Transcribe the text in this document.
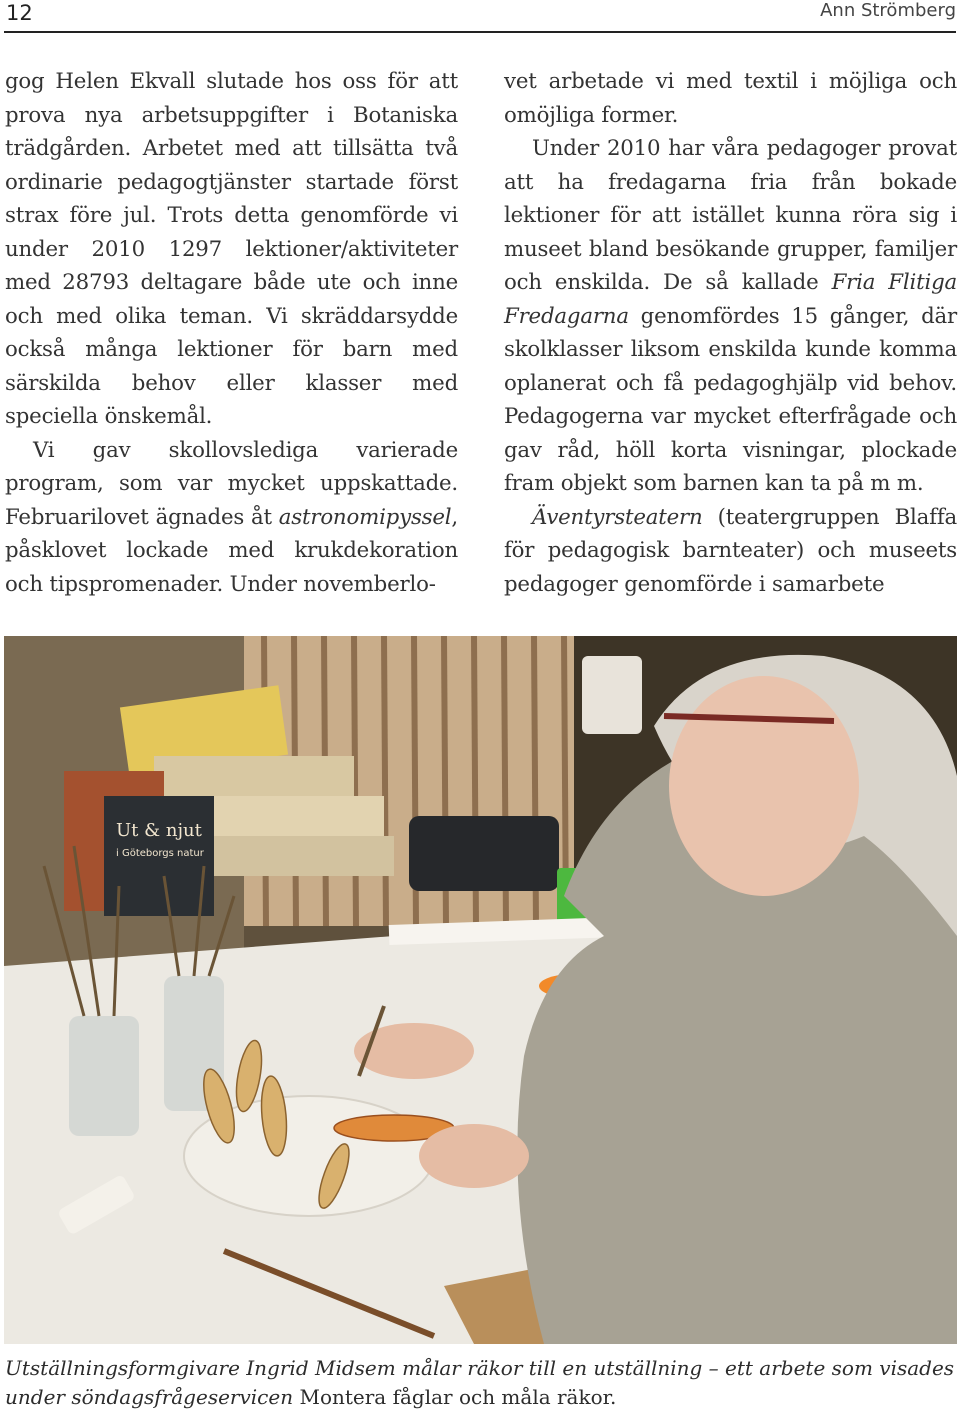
12	Ann Strömberg

gog Helen Ekvall slutade hos oss för att prova nya arbetsuppgifter i Botaniska trädgården. Arbetet med att tillsätta två ordinarie pedagogtjänster startade först strax före jul. Trots detta genomförde vi under 2010 1297 lektioner/aktiviteter med 28793 deltagare både ute och inne och med olika teman. Vi skräddarsydde också många lektioner för barn med särskilda behov eller klasser med speciella önskemål.

Vi gav skollovslediga varierade program, som var mycket uppskattade. Februarilovet ägnades åt astronomipyssel, påsklovet lockade med krukdekoration och tipspromenader. Under novemberlo-

vet arbetade vi med textil i möjliga och omöjliga former.

Under 2010 har våra pedagoger provat att ha fredagarna fria från bokade lektioner för att istället kunna röra sig i museet bland besökande grupper, familjer och enskilda. De så kallade Fria Flitiga Fredagarna genomfördes 15 gånger, där skolklasser liksom enskilda kunde komma oplanerat och få pedagoghjälp vid behov. Pedagogerna var mycket efterfrågade och gav råd, höll korta visningar, plockade fram objekt som barnen kan ta på m m.

Äventyrsteatern (teatergruppen Blaffa för pedagogisk barnteater) och museets pedagoger genomförde i samarbete

Ut & njut
i Göteborgs natur
Utställningsformgivare Ingrid Midsem målar räkor till en utställning – ett arbete som visades under söndagsfrågeservicen Montera fåglar och måla räkor.
